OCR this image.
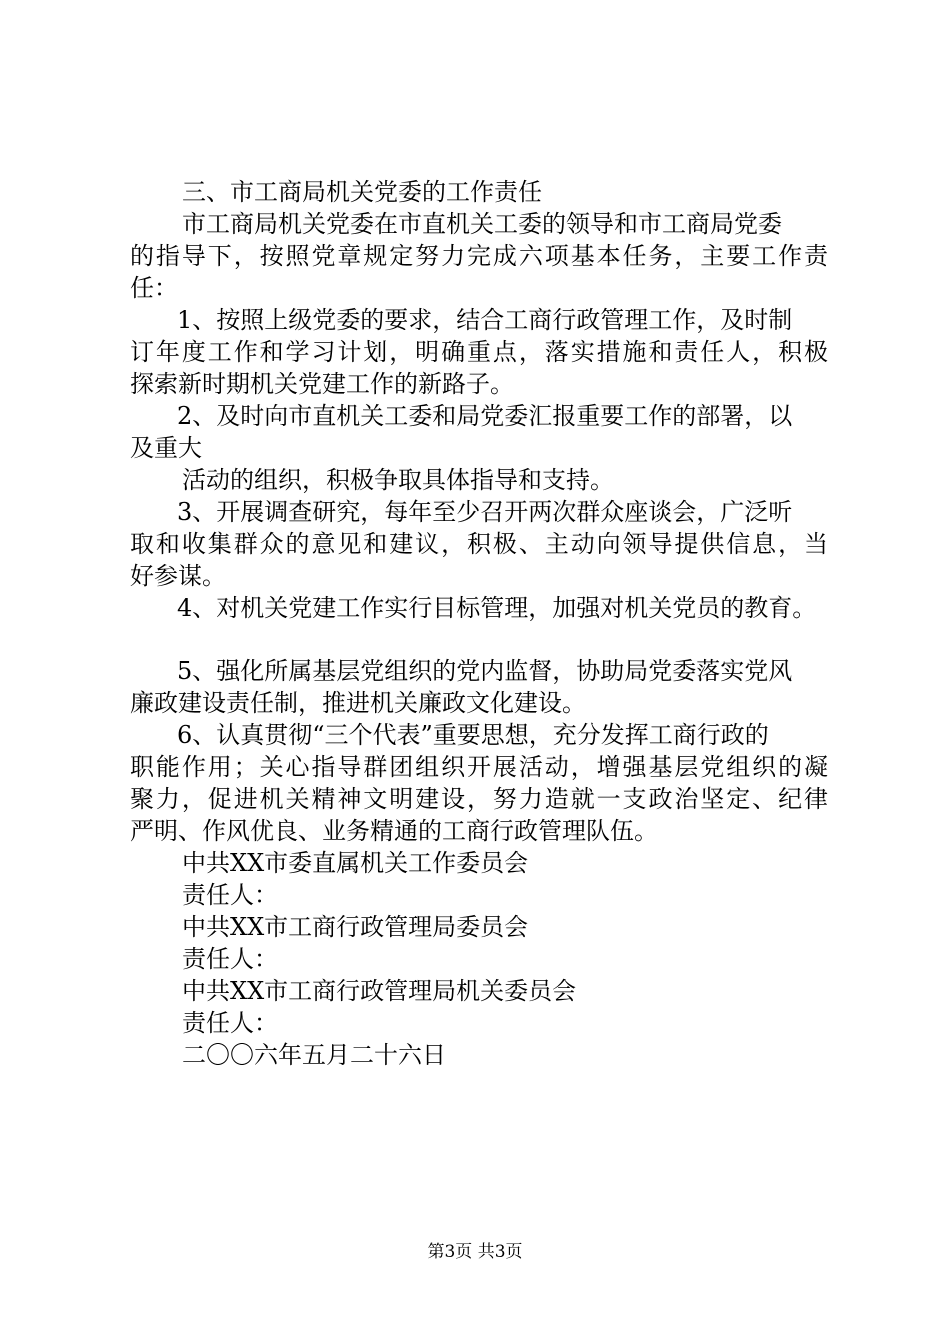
三、市工商局机关党委的工作责任
市工商局机关党委在市直机关工委的领导和市工商局党委
的指导下，按照党章规定努力完成六项基本任务，主要工作责
任：
1、按照上级党委的要求，结合工商行政管理工作，及时制
订年度工作和学习计划，明确重点，落实措施和责任人，积极
探索新时期机关党建工作的新路子。
2、及时向市直机关工委和局党委汇报重要工作的部署，以
及重大
活动的组织，积极争取具体指导和支持。
3、开展调查研究，每年至少召开两次群众座谈会，广泛听
取和收集群众的意见和建议，积极、主动向领导提供信息，当
好参谋。
4、对机关党建工作实行目标管理，加强对机关党员的教育。
5、强化所属基层党组织的党内监督，协助局党委落实党风
廉政建设责任制，推进机关廉政文化建设。
6、认真贯彻“三个代表”重要思想，充分发挥工商行政的
职能作用；关心指导群团组织开展活动，增强基层党组织的凝
聚力，促进机关精神文明建设，努力造就一支政治坚定、纪律
严明、作风优良、业务精通的工商行政管理队伍。
中共XX市委直属机关工作委员会
责任人：
中共XX市工商行政管理局委员会
责任人：
中共XX市工商行政管理局机关委员会
责任人：
二〇〇六年五月二十六日
第3页 共3页
